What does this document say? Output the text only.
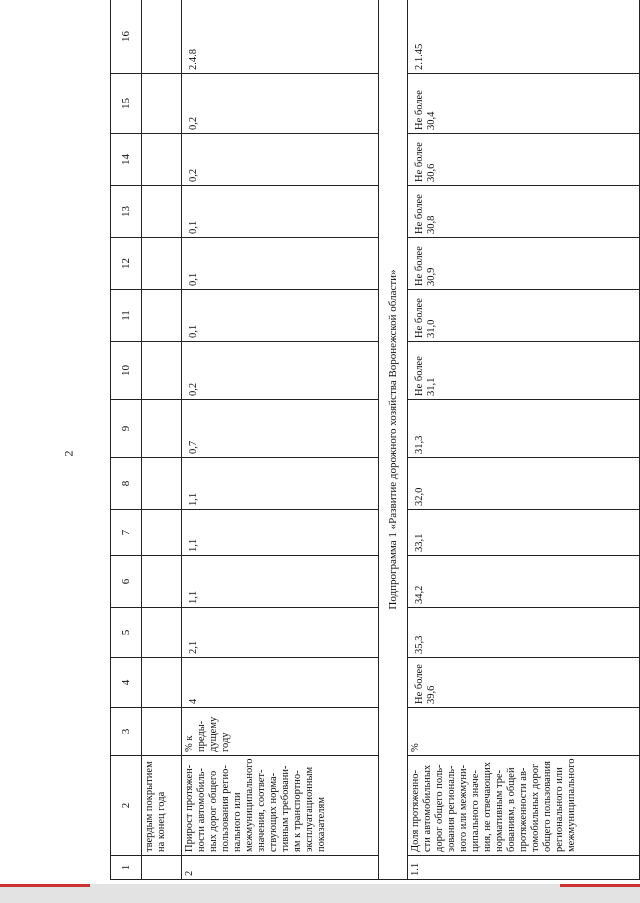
2
1	2	3	4	5	6	7	8	9	10	11	12	13	14	15	16
	твердым покрытием на конец года														
2	Прирост протяжен-ности автомобиль-ных дорог общего пользования регио-нального или межмуниципального значения, соответ-ствующих норма-тивным требовани-ям к транспортно-эксплуатационным показателям	% к преды-дущему году	4	2,1	1,1	1,1	1,1	0,7	0,2	0,1	0,1	0,1	0,2	0,2	2.4.8
Подпрограмма 1 «Развитие дорожного хозяйства Воронежской области»															
1.1	Доля протяженно-сти автомобильных дорог общего поль-зования региональ-ного или межмуни-ципального значе-ния, не отвечающих нормативным тре-бованиям, в общей протяженности ав-томобильных дорог общего пользования регионального или межмуниципального	%	Не более 39,6	35,3	34,2	33,1	32,0	31,3	Не более 31,1	Не более 31,0	Не более 30,9	Не более 30,8	Не более 30,6	Не более 30,4	2.1.45
